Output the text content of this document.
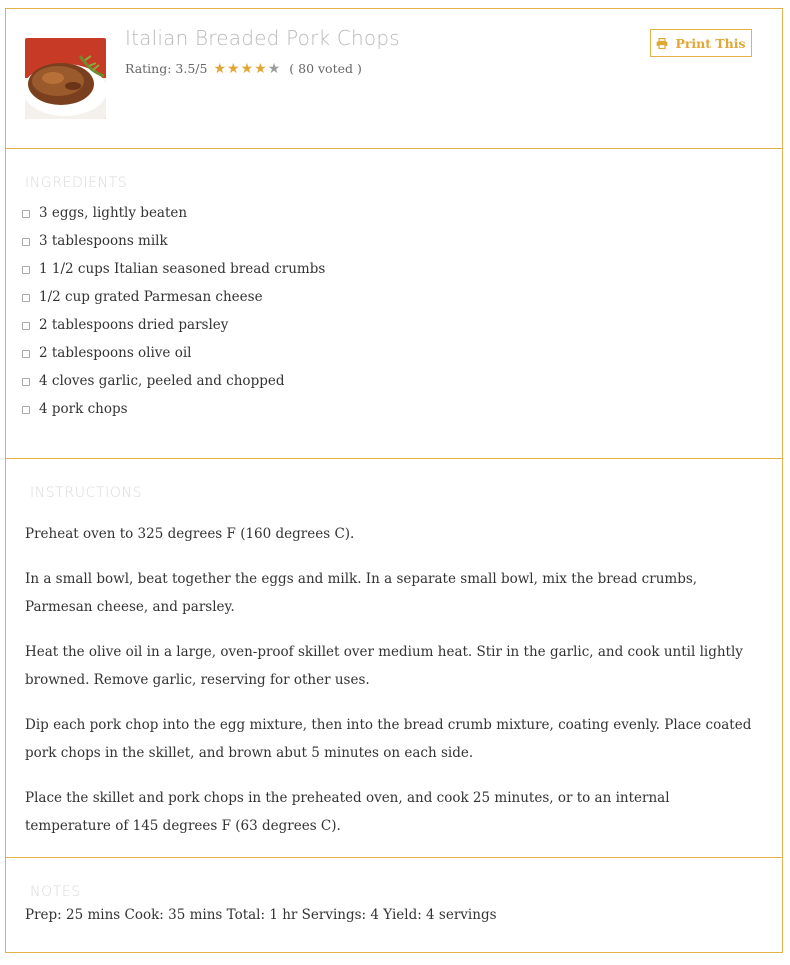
Italian Breaded Pork Chops
Rating: 3.5/5 ★ ★ ★ ★ ★ ( 80 voted )
Print This
INGREDIENTS
3 eggs, lightly beaten
3 tablespoons milk
1 1/2 cups Italian seasoned bread crumbs
1/2 cup grated Parmesan cheese
2 tablespoons dried parsley
2 tablespoons olive oil
4 cloves garlic, peeled and chopped
4 pork chops
INSTRUCTIONS
Preheat oven to 325 degrees F (160 degrees C).
In a small bowl, beat together the eggs and milk. In a separate small bowl, mix the bread crumbs, Parmesan cheese, and parsley.
Heat the olive oil in a large, oven-proof skillet over medium heat. Stir in the garlic, and cook until lightly browned. Remove garlic, reserving for other uses.
Dip each pork chop into the egg mixture, then into the bread crumb mixture, coating evenly. Place coated pork chops in the skillet, and brown abut 5 minutes on each side.
Place the skillet and pork chops in the preheated oven, and cook 25 minutes, or to an internal temperature of 145 degrees F (63 degrees C).
NOTES
Prep: 25 mins Cook: 35 mins Total: 1 hr Servings: 4 Yield: 4 servings
